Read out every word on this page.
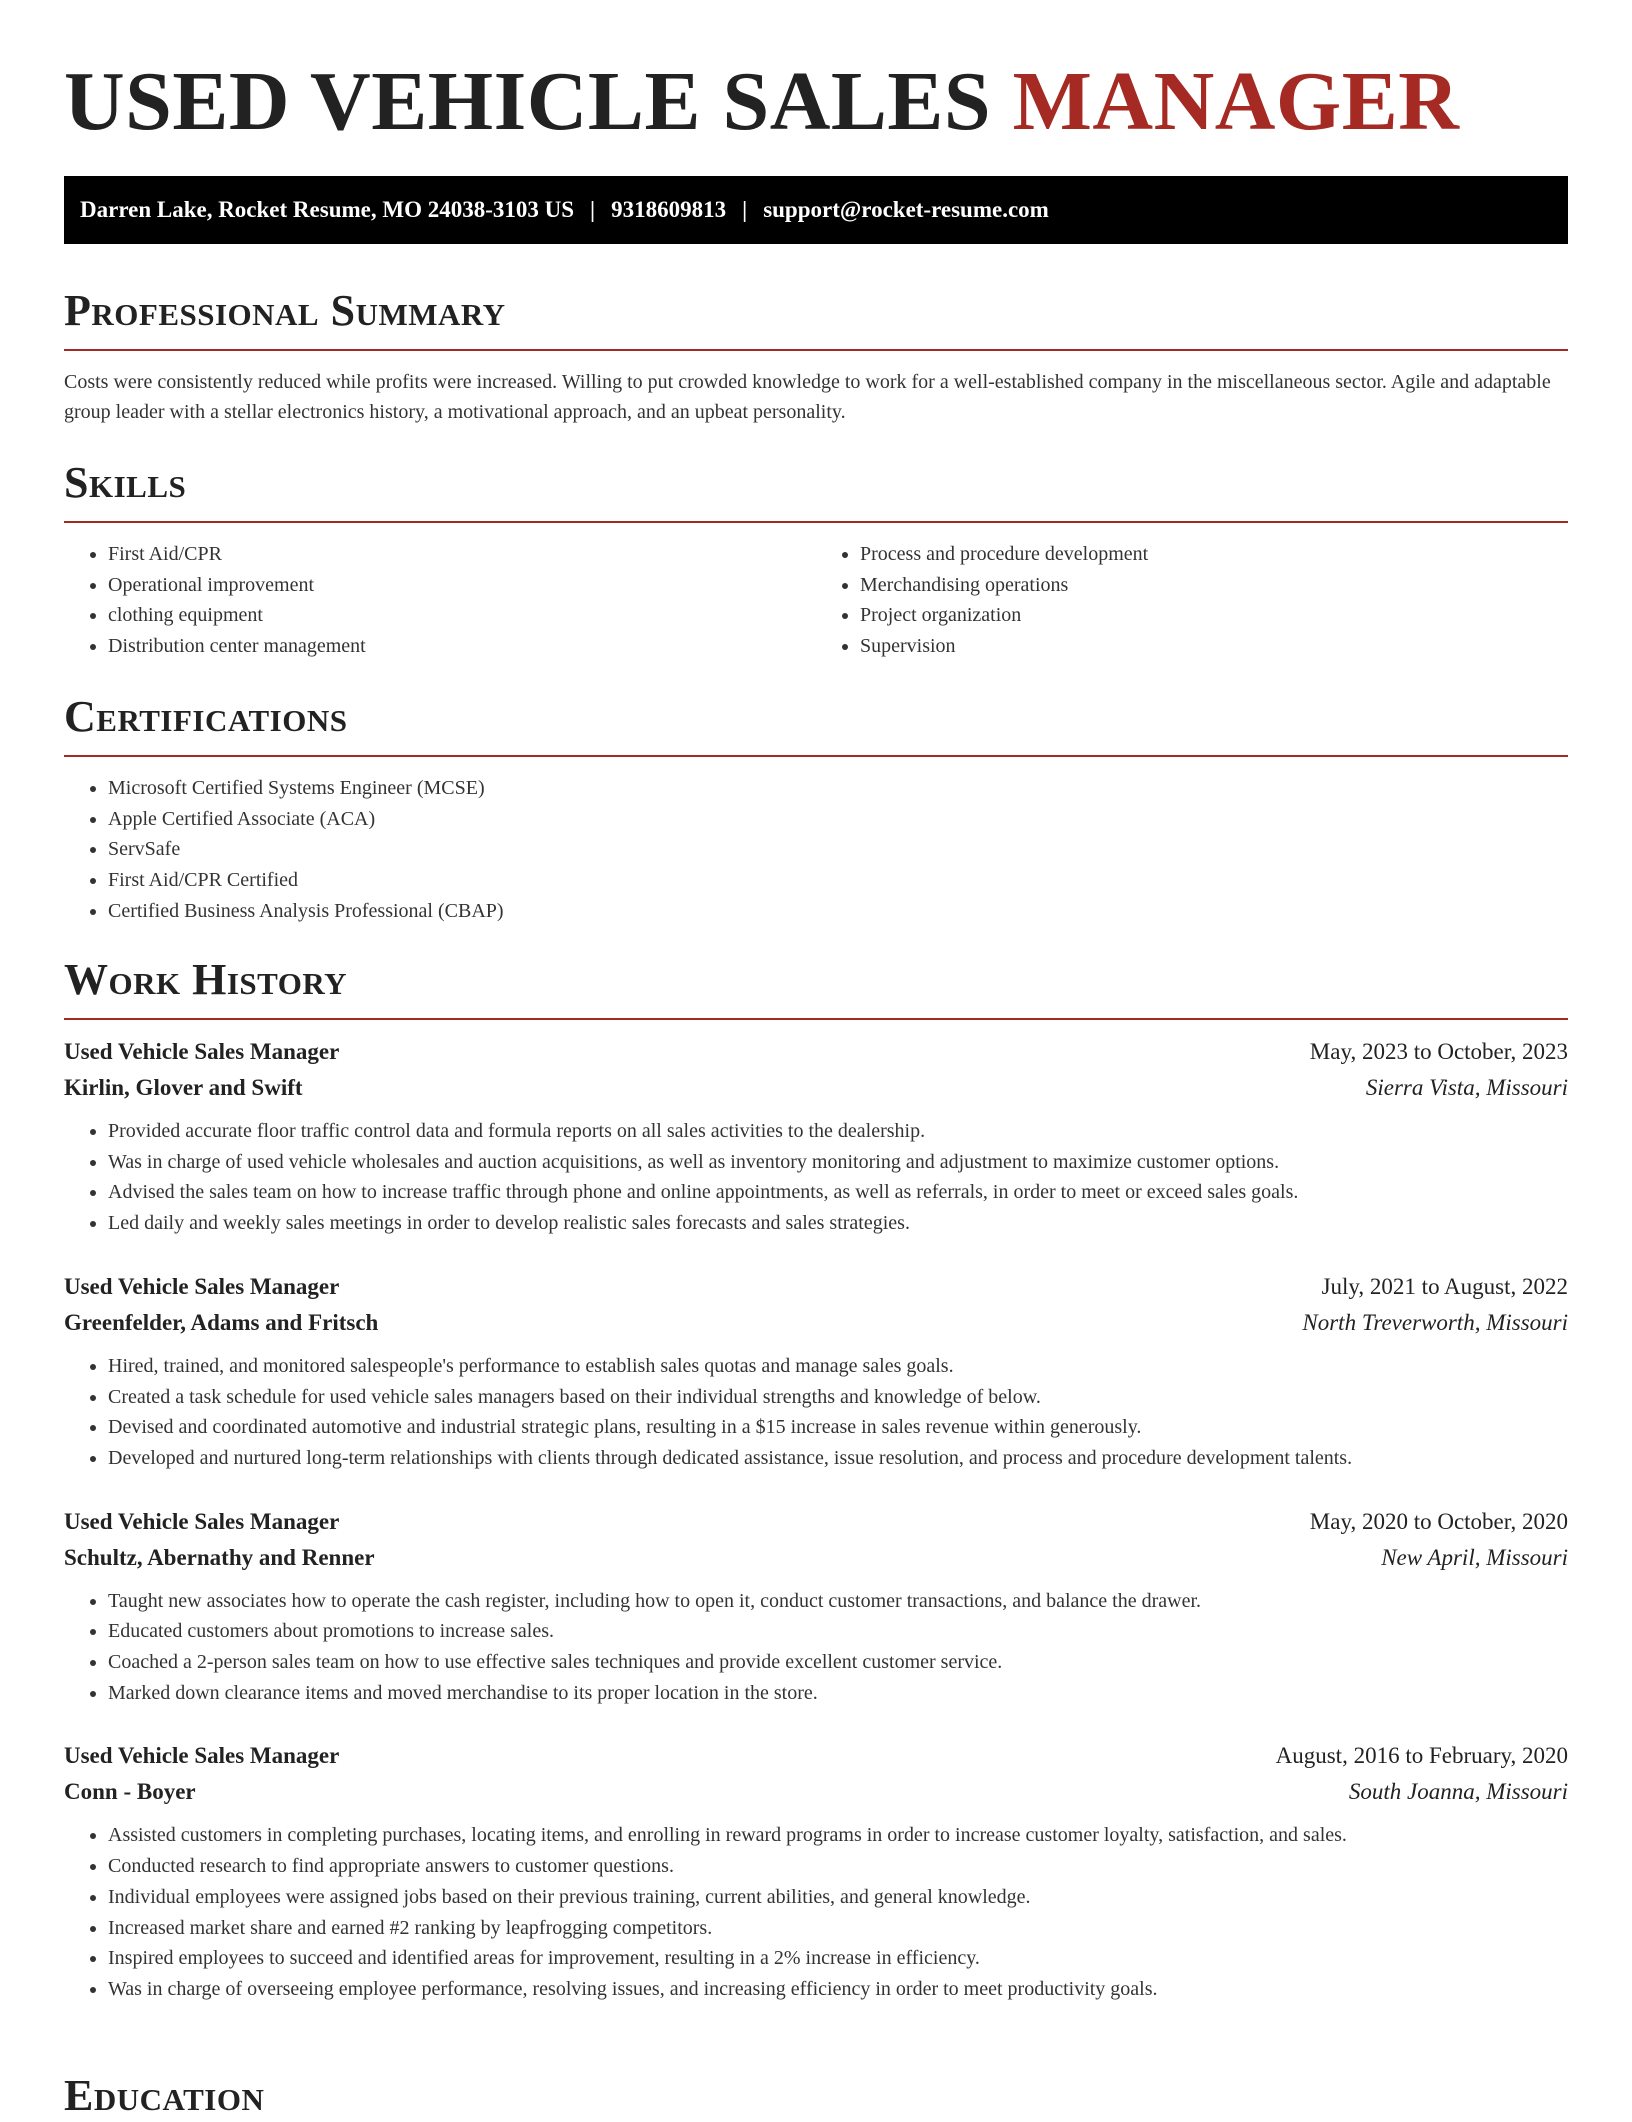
USED VEHICLE SALES MANAGER
Darren Lake, Rocket Resume, MO 24038-3103 US | 9318609813 | support@rocket-resume.com
Professional Summary

Costs were consistently reduced while profits were increased. Willing to put crowded knowledge to work for a well-established company in the miscellaneous sector. Agile and adaptable group leader with a stellar electronics history, a motivational approach, and an upbeat personality.

Skills
• First Aid/CPR
• Operational improvement
• clothing equipment
• Distribution center management
• Process and procedure development
• Merchandising operations
• Project organization
• Supervision
Certifications
• Microsoft Certified Systems Engineer (MCSE)
• Apple Certified Associate (ACA)
• ServSafe
• First Aid/CPR Certified
• Certified Business Analysis Professional (CBAP)
Work History
Used Vehicle Sales Manager	May, 2023 to October, 2023
Kirlin, Glover and Swift	Sierra Vista, Missouri
• Provided accurate floor traffic control data and formula reports on all sales activities to the dealership.
• Was in charge of used vehicle wholesales and auction acquisitions, as well as inventory monitoring and adjustment to maximize customer options.
• Advised the sales team on how to increase traffic through phone and online appointments, as well as referrals, in order to meet or exceed sales goals.
• Led daily and weekly sales meetings in order to develop realistic sales forecasts and sales strategies.
Used Vehicle Sales Manager	July, 2021 to August, 2022
Greenfelder, Adams and Fritsch	North Treverworth, Missouri
• Hired, trained, and monitored salespeople's performance to establish sales quotas and manage sales goals.
• Created a task schedule for used vehicle sales managers based on their individual strengths and knowledge of below.
• Devised and coordinated automotive and industrial strategic plans, resulting in a $15 increase in sales revenue within generously.
• Developed and nurtured long-term relationships with clients through dedicated assistance, issue resolution, and process and procedure development talents.
Used Vehicle Sales Manager	May, 2020 to October, 2020
Schultz, Abernathy and Renner	New April, Missouri
• Taught new associates how to operate the cash register, including how to open it, conduct customer transactions, and balance the drawer.
• Educated customers about promotions to increase sales.
• Coached a 2-person sales team on how to use effective sales techniques and provide excellent customer service.
• Marked down clearance items and moved merchandise to its proper location in the store.
Used Vehicle Sales Manager	August, 2016 to February, 2020
Conn - Boyer	South Joanna, Missouri
• Assisted customers in completing purchases, locating items, and enrolling in reward programs in order to increase customer loyalty, satisfaction, and sales.
• Conducted research to find appropriate answers to customer questions.
• Individual employees were assigned jobs based on their previous training, current abilities, and general knowledge.
• Increased market share and earned #2 ranking by leapfrogging competitors.
• Inspired employees to succeed and identified areas for improvement, resulting in a 2% increase in efficiency.
• Was in charge of overseeing employee performance, resolving issues, and increasing efficiency in order to meet productivity goals.
Education
